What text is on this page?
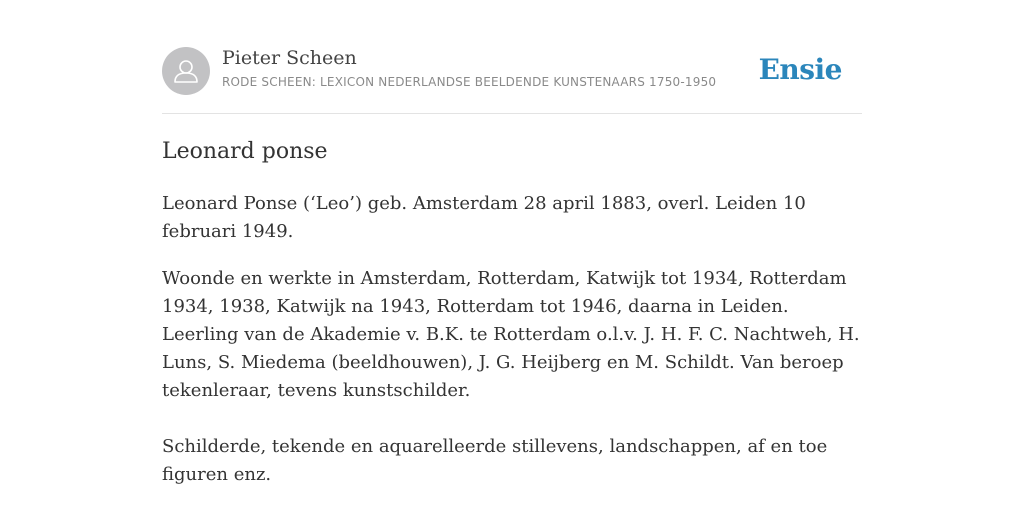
Pieter Scheen
RODE SCHEEN: LEXICON NEDERLANDSE BEELDENDE KUNSTENAARS 1750-1950 Ensie
Leonard ponse

Leonard Ponse (‘Leo’) geb. Amsterdam 28 april 1883, overl. Leiden 10 februari 1949.

Woonde en werkte in Amsterdam, Rotterdam, Katwijk tot 1934, Rotterdam 1934, 1938, Katwijk na 1943, Rotterdam tot 1946, daarna in Leiden. Leerling van de Akademie v. B.K. te Rotterdam o.l.v. J. H. F. C. Nachtweh, H. Luns, S. Miedema (beeldhouwen), J. G. Heijberg en M. Schildt. Van beroep tekenleraar, tevens kunstschilder.

Schilderde, tekende en aquarelleerde stillevens, landschappen, af en toe figuren enz.
